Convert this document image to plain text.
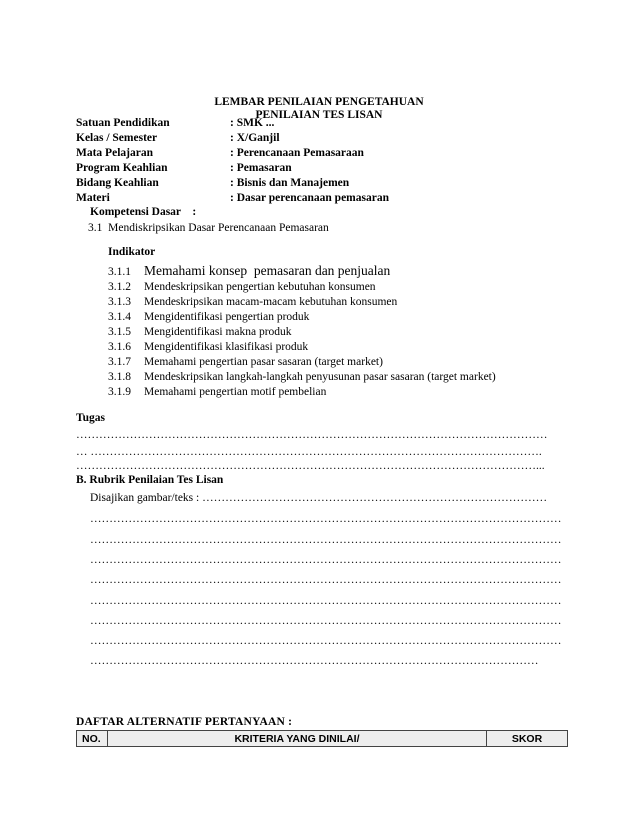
LEMBAR PENILAIAN PENGETAHUAN
PENILAIAN TES LISAN
Satuan Pendidikan	: SMK ...
Kelas / Semester	: X/Ganjil
Mata Pelajaran	: Perencanaan Pemasaraan
Program Keahlian	: Pemasaran
Bidang Keahlian	: Bisnis dan Manajemen
Materi	: Dasar perencanaan pemasaran
Kompetensi Dasar    :
3.1  Mendiskripsikan Dasar Perencanaan Pemasaran
Indikator
3.1.1 Memahami konsep  pemasaran dan penjualan
3.1.2 Mendeskripsikan pengertian kebutuhan konsumen
3.1.3 Mendeskripsikan macam-macam kebutuhan konsumen
3.1.4 Mengidentifikasi pengertian produk
3.1.5 Mengidentifikasi makna produk
3.1.6 Mengidentifikasi klasifikasi produk
3.1.7 Memahami pengertian pasar sasaran (target market)
3.1.8 Mendeskripsikan langkah-langkah penyusunan pasar sasaran (target market)
3.1.9 Memahami pengertian motif pembelian
Tugas
……………………………………………………………………………………………………………
… ……………………………………………………………………………………………………….
…………………………………………………………………………………………………………...
B. Rubrik Penilaian Tes Lisan
Disajikan gambar/teks : ………………………………………………………………………………
……………………………………………………………………………………………………………
……………………………………………………………………………………………………………
……………………………………………………………………………………………………………
……………………………………………………………………………………………………………
……………………………………………………………………………………………………………
……………………………………………………………………………………………………………
……………………………………………………………………………………………………………
………………………………………………………………………………………………………
DAFTAR ALTERNATIF PERTANYAAN :
NO.	KRITERIA YANG DINILAI/	SKOR
